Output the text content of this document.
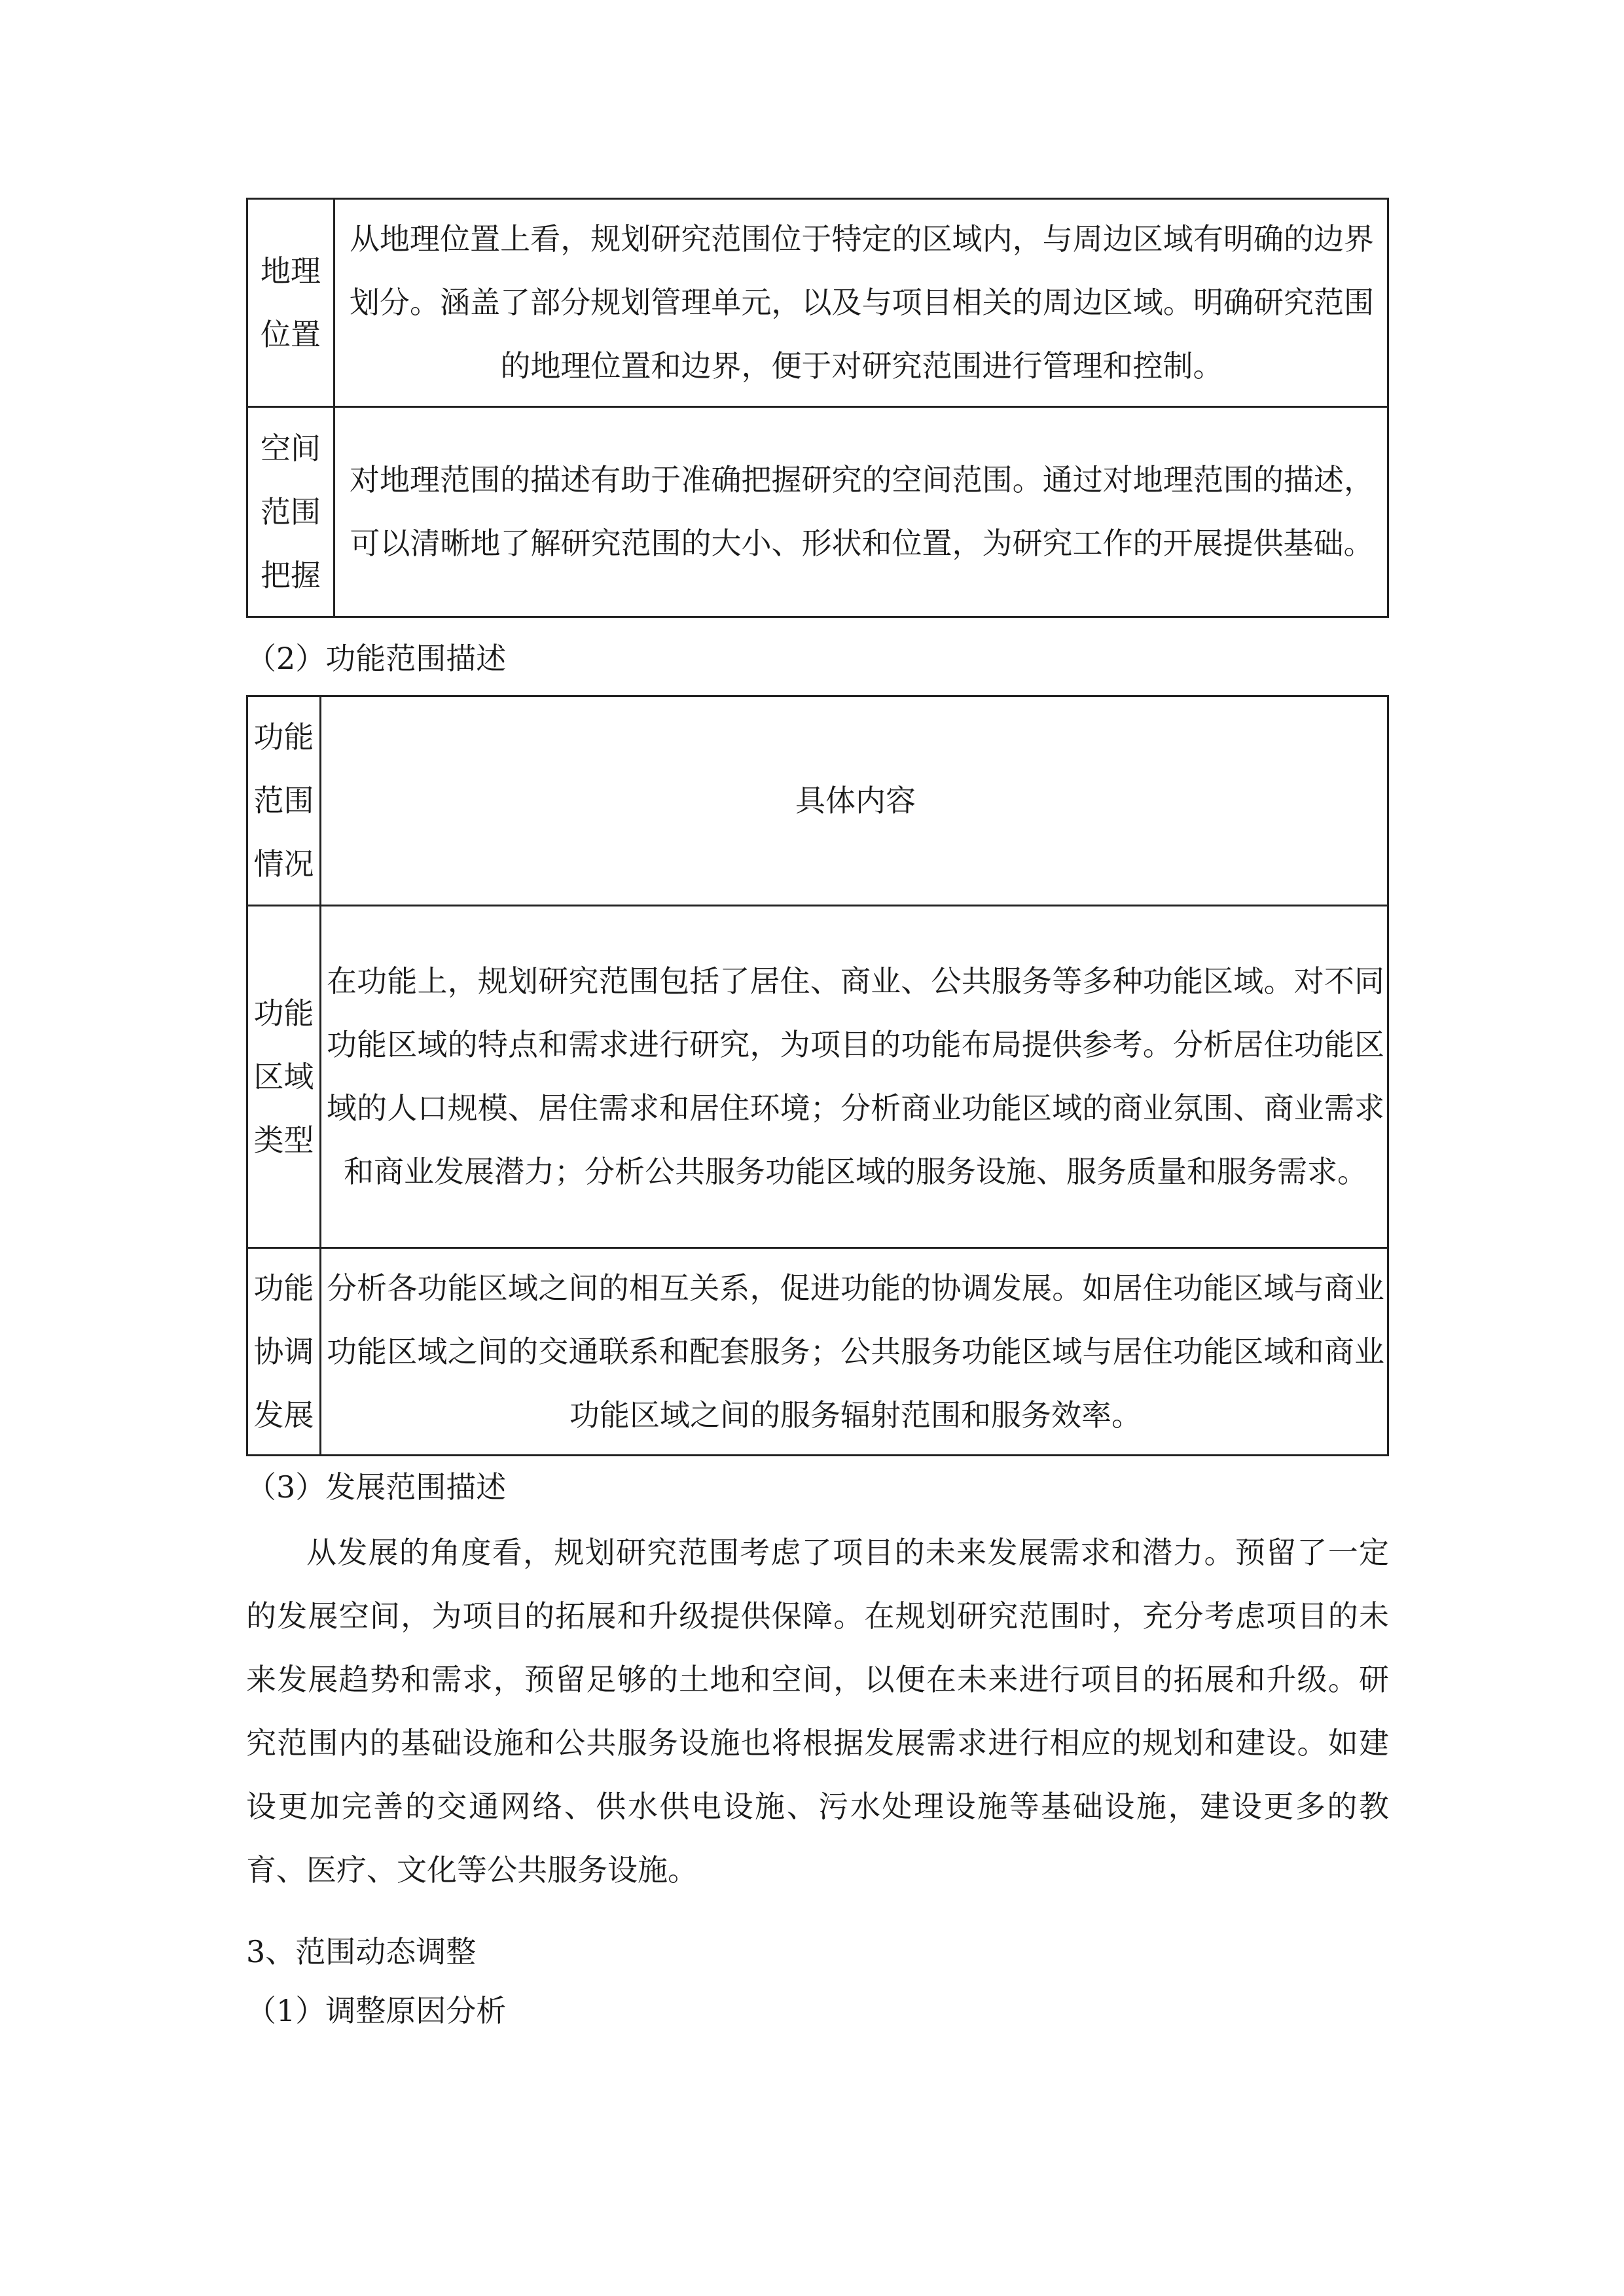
地理位置	从地理位置上看，规划研究范围位于特定的区域内，与周边区域有明确的边界划分。涵盖了部分规划管理单元，以及与项目相关的周边区域。明确研究范围的地理位置和边界，便于对研究范围进行管理和控制。
空间范围把握	对地理范围的描述有助于准确把握研究的空间范围。通过对地理范围的描述，可以清晰地了解研究范围的大小、形状和位置，为研究工作的开展提供基础。
（2）功能范围描述
功能范围情况	具体内容
功能区域类型	在功能上，规划研究范围包括了居住、商业、公共服务等多种功能区域。对不同功能区域的特点和需求进行研究，为项目的功能布局提供参考。分析居住功能区域的人口规模、居住需求和居住环境；分析商业功能区域的商业氛围、商业需求和商业发展潜力；分析公共服务功能区域的服务设施、服务质量和服务需求。
功能协调发展	分析各功能区域之间的相互关系，促进功能的协调发展。如居住功能区域与商业功能区域之间的交通联系和配套服务；公共服务功能区域与居住功能区域和商业功能区域之间的服务辐射范围和服务效率。
（3）发展范围描述
从发展的角度看，规划研究范围考虑了项目的未来发展需求和潜力。预留了一定的发展空间，为项目的拓展和升级提供保障。在规划研究范围时，充分考虑项目的未来发展趋势和需求，预留足够的土地和空间，以便在未来进行项目的拓展和升级。研究范围内的基础设施和公共服务设施也将根据发展需求进行相应的规划和建设。如建设更加完善的交通网络、供水供电设施、污水处理设施等基础设施，建设更多的教育、医疗、文化等公共服务设施。
3、范围动态调整
（1）调整原因分析
